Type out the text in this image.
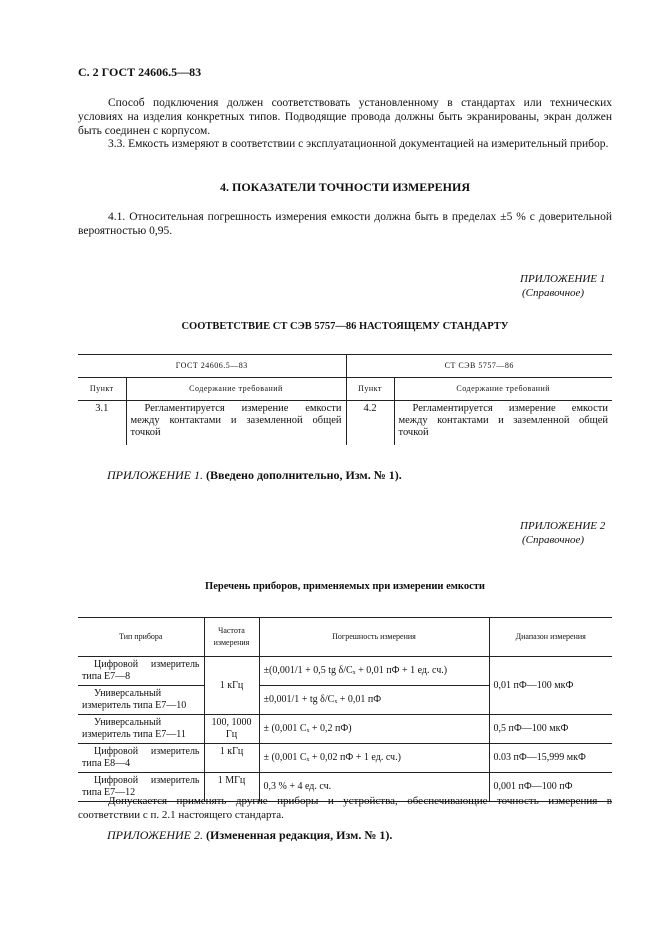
С. 2 ГОСТ 24606.5—83
Способ подключения должен соответствовать установленному в стандартах или технических условиях на изделия конкретных типов. Подводящие провода должны быть экранированы, экран должен быть соединен с корпусом.
3.3. Емкость измеряют в соответствии с эксплуатационной документацией на измерительный прибор.
4. ПОКАЗАТЕЛИ ТОЧНОСТИ ИЗМЕРЕНИЯ
4.1. Относительная погрешность измерения емкости должна быть в пределах ±5 % с доверительной вероятностью 0,95.
ПРИЛОЖЕНИЕ 1
(Справочное)
СООТВЕТСТВИЕ СТ СЭВ 5757—86 НАСТОЯЩЕМУ СТАНДАРТУ
ГОСТ 24606.5—83		СТ СЭВ 5757—86	
Пункт	Содержание требований	Пункт	Содержание требований
3.1	Регламентируется измерение емкости между контактами и заземленной общей точкой	4.2	Регламентируется измерение емкости между контактами и заземленной общей точкой
ПРИЛОЖЕНИЕ 1. (Введено дополнительно, Изм. № 1).
ПРИЛОЖЕНИЕ 2
(Справочное)
Перечень приборов, применяемых при измерении емкости
Тип прибора	Частота измерения	Погрешность измерения	Диапазон измерения
Цифровой измеритель типа Е7—8	1 кГц	±(0,001/1 + 0,5 tg δ/Cₓ + 0,01 пФ + 1 ед. сч.)	0,01 пФ—100 мкФ
Универсальный измеритель типа Е7—10		±0,001/1 + tg δ/Cₓ + 0,01 пФ	
Универсальный измеритель типа Е7—11	100, 1000 Гц	± (0,001 Cₓ + 0,2 пФ)	0,5 пФ—100 мкФ
Цифровой измеритель типа Е8—4	1 кГц	± (0,001 Cₓ + 0,02 пФ + 1 ед. сч.)	0.03 пФ—15,999 мкФ
Цифровой измеритель типа Е7—12	1 МГц	0,3 % + 4 ед. сч.	0,001 пФ—100 пФ
Допускается применять другие приборы и устройства, обеспечивающие точность измерения в соответствии с п. 2.1 настоящего стандарта.
ПРИЛОЖЕНИЕ 2. (Измененная редакция, Изм. № 1).
